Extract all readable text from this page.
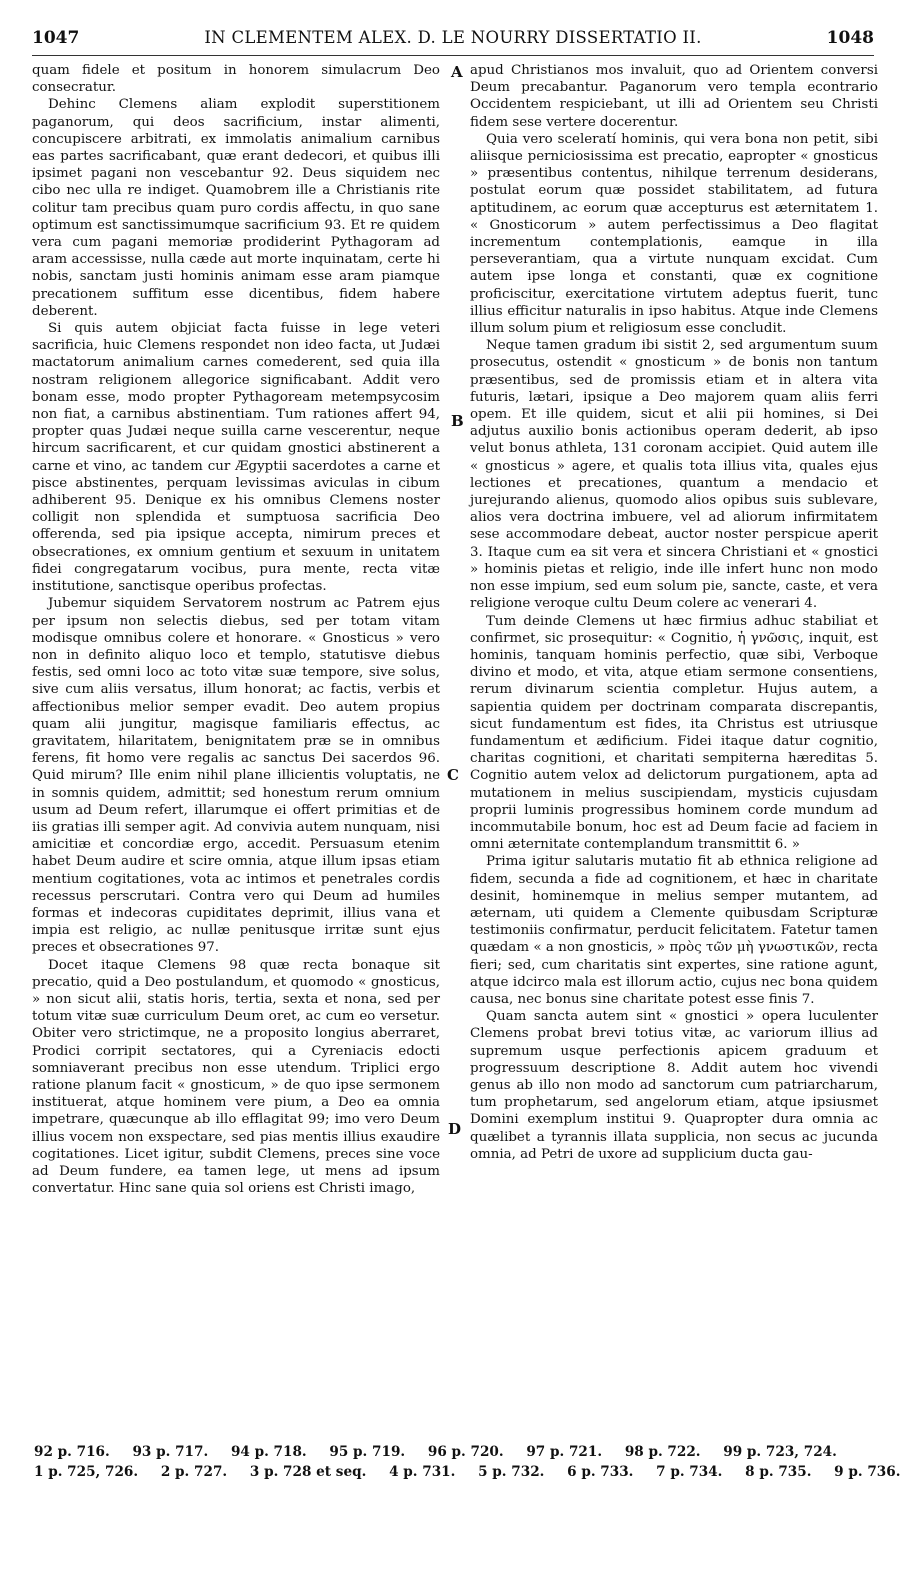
1047	IN CLEMENTEM ALEX. D. LE NOURRY DISSERTATIO II.	1048

quam fidele et positum in honorem simulacrum Deo consecratur.

Dehinc Clemens aliam explodit superstitionem paganorum, qui deos sacrificium, instar alimenti, concupiscere arbitrati, ex immolatis animalium carnibus eas partes sacrificabant, quæ erant dedecori, et quibus illi ipsimet pagani non vescebantur 92. Deus siquidem nec cibo nec ulla re indiget. Quamobrem ille a Christianis rite colitur tam precibus quam puro cordis affectu, in quo sane optimum est sanctissimumque sacrificium 93. Et re quidem vera cum pagani memoriæ prodiderint Pythagoram ad aram accessisse, nulla cæde aut morte inquinatam, certe hi nobis, sanctam justi hominis animam esse aram piamque precationem suffitum esse dicentibus, fidem habere deberent.

Si quis autem objiciat facta fuisse in lege veteri sacrificia, huic Clemens respondet non ideo facta, ut Judæi mactatorum animalium carnes comederent, sed quia illa nostram religionem allegorice significabant. Addit vero bonam esse, modo propter Pythagoream metempsycosim non fiat, a carnibus abstinentiam. Tum rationes affert 94, propter quas Judæi neque suilla carne vescerentur, neque hircum sacrificarent, et cur quidam gnostici abstinerent a carne et vino, ac tandem cur Ægyptii sacerdotes a carne et pisce abstinentes, perquam levissimas aviculas in cibum adhiberent 95. Denique ex his omnibus Clemens noster colligit non splendida et sumptuosa sacrificia Deo offerenda, sed pia ipsique accepta, nimirum preces et obsecrationes, ex omnium gentium et sexuum in unitatem fidei congregatarum vocibus, pura mente, recta vitæ institutione, sanctisque operibus profectas.

Jubemur siquidem Servatorem nostrum ac Patrem ejus per ipsum non selectis diebus, sed per totam vitam modisque omnibus colere et honorare. « Gnosticus » vero non in definito aliquo loco et templo, statutisve diebus festis, sed omni loco ac toto vitæ suæ tempore, sive solus, sive cum aliis versatus, illum honorat; ac factis, verbis et affectionibus melior semper evadit. Deo autem propius quam alii jungitur, magisque familiaris effectus, ac gravitatem, hilaritatem, benignitatem præ se in omnibus ferens, fit homo vere regalis ac sanctus Dei sacerdos 96. Quid mirum? Ille enim nihil plane illicientis voluptatis, ne in somnis quidem, admittit; sed honestum rerum omnium usum ad Deum refert, illarumque ei offert primitias et de iis gratias illi semper agit. Ad convivia autem nunquam, nisi amicitiæ et concordiæ ergo, accedit. Persuasum etenim habet Deum audire et scire omnia, atque illum ipsas etiam mentium cogitationes, vota ac intimos et penetrales cordis recessus perscrutari. Contra vero qui Deum ad humiles formas et indecoras cupiditates deprimit, illius vana et impia est religio, ac nullæ penitusque irritæ sunt ejus preces et obsecrationes 97.

Docet itaque Clemens 98 quæ recta bonaque sit precatio, quid a Deo postulandum, et quomodo « gnosticus, » non sicut alii, statis horis, tertia, sexta et nona, sed per totum vitæ suæ curriculum Deum oret, ac cum eo versetur. Obiter vero strictimque, ne a proposito longius aberraret, Prodici corripit sectatores, qui a Cyreniacis edocti somniaverant precibus non esse utendum. Triplici ergo ratione planum facit « gnosticum, » de quo ipse sermonem instituerat, atque hominem vere pium, a Deo ea omnia impetrare, quæcunque ab illo efflagitat 99; imo vero Deum illius vocem non exspectare, sed pias mentis illius exaudire cogitationes. Licet igitur, subdit Clemens, preces sine voce ad Deum fundere, ea tamen lege, ut mens ad ipsum convertatur. Hinc sane quia sol oriens est Christi imago,

A
B
C
D

apud Christianos mos invaluit, quo ad Orientem conversi Deum precabantur. Paganorum vero templa econtrario Occidentem respiciebant, ut illi ad Orientem seu Christi fidem sese vertere docerentur.

Quia vero sceleratí hominis, qui vera bona non petit, sibi aliisque perniciosissima est precatio, eapropter « gnosticus » præsentibus contentus, nihilque terrenum desiderans, postulat eorum quæ possidet stabilitatem, ad futura aptitudinem, ac eorum quæ accepturus est æternitatem 1. « Gnosticorum » autem perfectissimus a Deo flagitat incrementum contemplationis, eamque in illa perseverantiam, qua a virtute nunquam excidat. Cum autem ipse longa et constanti, quæ ex cognitione proficiscitur, exercitatione virtutem adeptus fuerit, tunc illius efficitur naturalis in ipso habitus. Atque inde Clemens illum solum pium et religiosum esse concludit.

Neque tamen gradum ibi sistit 2, sed argumentum suum prosecutus, ostendit « gnosticum » de bonis non tantum præsentibus, sed de promissis etiam et in altera vita futuris, lætari, ipsique a Deo majorem quam aliis ferri opem. Et ille quidem, sicut et alii pii homines, si Dei adjutus auxilio bonis actionibus operam dederit, ab ipso velut bonus athleta, 131 coronam accipiet. Quid autem ille « gnosticus » agere, et qualis tota illius vita, quales ejus lectiones et precationes, quantum a mendacio et jurejurando alienus, quomodo alios opibus suis sublevare, alios vera doctrina imbuere, vel ad aliorum infirmitatem sese accommodare debeat, auctor noster perspicue aperit 3. Itaque cum ea sit vera et sincera Christiani et « gnostici » hominis pietas et religio, inde ille infert hunc non modo non esse impium, sed eum solum pie, sancte, caste, et vera religione veroque cultu Deum colere ac venerari 4.

Tum deinde Clemens ut hæc firmius adhuc stabiliat et confirmet, sic prosequitur: « Cognitio, ἡ γνῶσις, inquit, est hominis, tanquam hominis perfectio, quæ sibi, Verboque divino et modo, et vita, atque etiam sermone consentiens, rerum divinarum scientia completur. Hujus autem, a sapientia quidem per doctrinam comparata discrepantis, sicut fundamentum est fides, ita Christus est utriusque fundamentum et ædificium. Fidei itaque datur cognitio, charitas cognitioni, et charitati sempiterna hæreditas 5. Cognitio autem velox ad delictorum purgationem, apta ad mutationem in melius suscipiendam, mysticis cujusdam proprii luminis progressibus hominem corde mundum ad incommutabile bonum, hoc est ad Deum facie ad faciem in omni æternitate contemplandum transmittit 6. »

Prima igitur salutaris mutatio fit ab ethnica religione ad fidem, secunda a fide ad cognitionem, et hæc in charitate desinit, hominemque in melius semper mutantem, ad æternam, uti quidem a Clemente quibusdam Scripturæ testimoniis confirmatur, perducit felicitatem. Fatetur tamen quædam « a non gnosticis, » πρὸς τῶν μὴ γνωστικῶν, recta fieri; sed, cum charitatis sint expertes, sine ratione agunt, atque idcirco mala est illorum actio, cujus nec bona quidem causa, nec bonus sine charitate potest esse finis 7.

Quam sancta autem sint « gnostici » opera luculenter Clemens probat brevi totius vitæ, ac variorum illius ad supremum usque perfectionis apicem graduum et progressuum descriptione 8. Addit autem hoc vivendi genus ab illo non modo ad sanctorum cum patriarcharum, tum prophetarum, sed angelorum etiam, atque ipsiusmet Domini exemplum institui 9. Quapropter dura omnia ac quælibet a tyrannis illata supplicia, non secus ac jucunda omnia, ad Petri de uxore ad supplicium ducta gau-

92 p. 716. 93 p. 717. 94 p. 718. 95 p. 719. 96 p. 720. 97 p. 721. 98 p. 722. 99 p. 723, 724.
1 p. 725, 726. 2 p. 727. 3 p. 728 et seq. 4 p. 731. 5 p. 732. 6 p. 733. 7 p. 734. 8 p. 735. 9 p. 736.
